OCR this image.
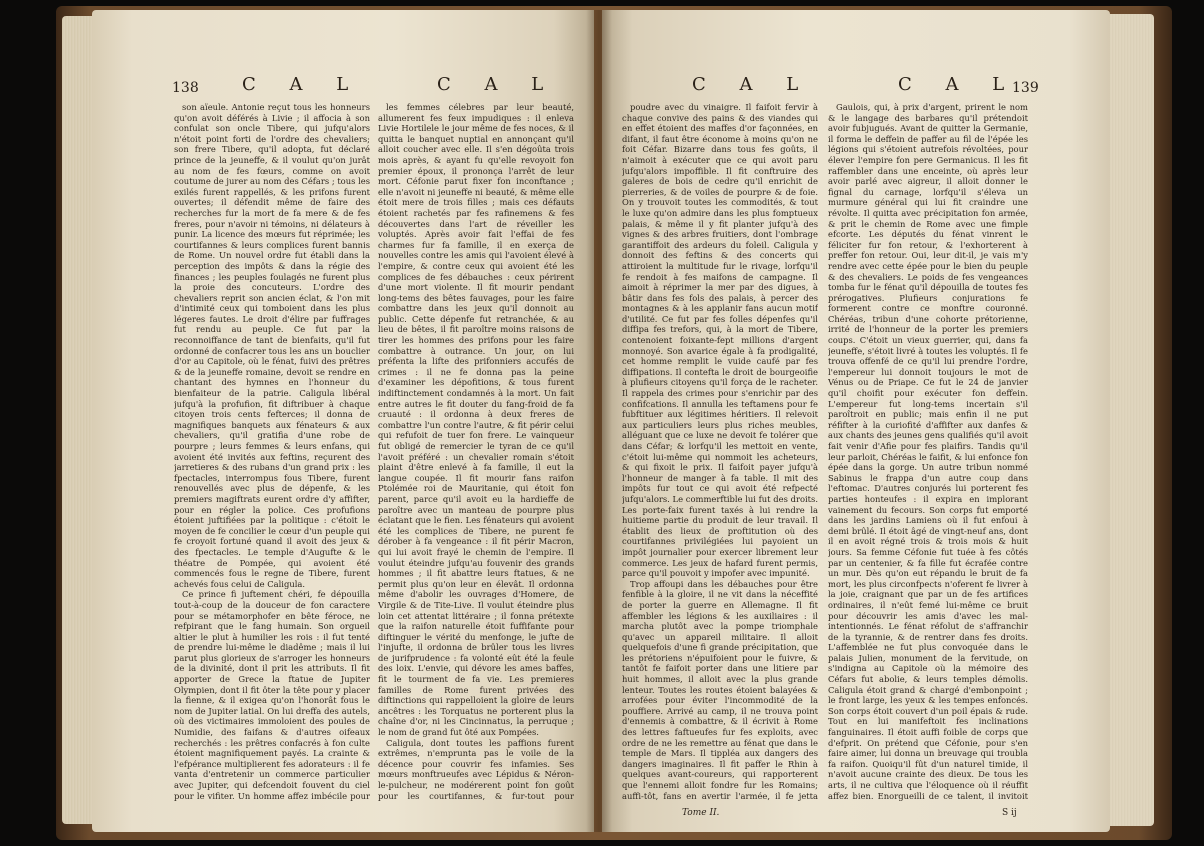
138 C A L	C A L

son aïeule. Antonie reçut tous les honneurs qu'on avoit déférés à Livie ; il affocia à son confulat son oncle Tibere, qui jufqu'alors n'étoit point forti de l'ordre des chevaliers; son frere Tibere, qu'il adopta, fut déclaré prince de la jeuneffe, & il voulut qu'on jurât au nom de fes fœurs, comme on avoit coutume de jurer au nom des Céfars ; tous les exilés furent rappellés, & les prifons furent ouvertes; il défendit même de faire des recherches fur la mort de fa mere & de fes freres, pour n'avoir ni témoins, ni délateurs à punir. La licence des mœurs fut réprimée; les courtifannes & leurs complices furent bannis de Rome. Un nouvel ordre fut établi dans la perception des impôts & dans la régie des finances ; les peuples foulagés ne furent plus la proie des concuteurs. L'ordre des chevaliers reprit son ancien éclat, & l'on mit d'intimité ceux qui tomboient dans les plus légeres fautes. Le droit d'élire par fuffrages fut rendu au peuple. Ce fut par la reconnoiffance de tant de bienfaits, qu'il fut ordonné de confacrer tous les ans un bouclier d'or au Capitole, où le fénat, fuivi des prêtres & de la jeuneffe romaine, devoit se rendre en chantant des hymnes en l'honneur du bienfaiteur de la patrie. Caligula libéral jufqu'à la profufion, fit diftribuer à chaque citoyen trois cents fefterces; il donna de magnifiques banquets aux fénateurs & aux chevaliers, qu'il gratifia d'une robe de pourpre ; leurs femmes & leurs enfans, qui avoient été invités aux feftins, reçurent des jarretieres & des rubans d'un grand prix : les fpectacles, interrompus fous Tibere, furent renouvellés avec plus de dépenfe, & les premiers magiftrats eurent ordre d'y affifter, pour en régler la police. Ces profufions étoient juftifiées par la politique : c'étoit le moyen de fe concilier le cœur d'un peuple qui fe croyoit fortuné quand il avoit des jeux & des fpectacles. Le temple d'Augufte & le théatre de Pompée, qui avoient été commencés fous le regne de Tibere, furent achevés fous celui de Caligula.

Ce prince fi juftement chéri, fe dépouilla tout-à-coup de la douceur de fon caractere pour se métamorphofer en bête féroce, ne refpirant que le fang humain. Son orgueil altier le plut à humilier les rois : il fut tenté de prendre lui-même le diadême ; mais il lui parut plus glorieux de s'arroger les honneurs de la divinité, dont il prit les attributs. Il fit apporter de Grece la ftatue de Jupiter Olympien, dont il fit ôter la tête pour y placer la fienne, & il exigea qu'on l'honorât fous le nom de Jupiter latial. On lui dreffa des autels, où des victimaires immoloient des poules de Numidie, des faifans & d'autres oifeaux recherchés : les prêtres confacrés à fon culte étoient magnifiquement payés. La crainte & l'efpérance multiplierent fes adorateurs : il fe vanta d'entretenir un commerce particulier avec Jupiter, qui defcendoit fouvent du ciel pour le vifiter. Un homme affez imbécile pour

les femmes célebres par leur beauté, allumerent fes feux impudiques : il enleva Livie Hortilele le jour même de fes noces, & il quitta le banquet nuptial en annonçant qu'il alloit coucher avec elle. Il s'en dégoûta trois mois après, & ayant fu qu'elle revoyoit fon premier époux, il prononça l'arrêt de leur mort. Céfonie parut fixer fon inconftance ; elle n'avoit ni jeuneffe ni beauté, & même elle étoit mere de trois filles ; mais ces défauts étoient rachetés par fes rafinemens & fes découvertes dans l'art de réveiller les voluptés. Après avoir fait l'effai de fes charmes fur fa famille, il en exerça de nouvelles contre les amis qui l'avoient élevé à l'empire, & contre ceux qui avoient été les complices de fes débauches : ceux périrent d'une mort violente. Il fit mourir pendant long-tems des bêtes fauvages, pour les faire combattre dans les jeux qu'il donnoit au public. Cette dépenfe fut retranchée, & au lieu de bêtes, il fit paroître moins raisons de tirer les hommes des prifons pour les faire combattre à outrance. Un jour, on lui préfenta la lifte des prifonniers accufés de crimes : il ne fe donna pas la peine d'examiner les dépofitions, & tous furent indiftinctement condamnés à la mort. Un fait entre autres le fit douter du fang-froid de fa cruauté : il ordonna à deux freres de combattre l'un contre l'autre, & fit périr celui qui refufoit de tuer fon frere. Le vainqueur fut obligé de remercier le tyran de ce qu'il l'avoit préféré : un chevalier romain s'étoit plaint d'être enlevé à fa famille, il eut la langue coupée. Il fit mourir fans raifon Ptolémée roi de Mauritanie, qui étoit fon parent, parce qu'il avoit eu la hardieffe de paroître avec un manteau de pourpre plus éclatant que le fien. Les fénateurs qui avoient été les complices de Tibere, ne purent fe dérober à fa vengeance : il fit périr Macron, qui lui avoit frayé le chemin de l'empire. Il voulut éteindre jufqu'au fouvenir des grands hommes ; il fit abattre leurs ftatues, & ne permit plus qu'on leur en élevât. Il ordonna même d'abolir les ouvrages d'Homere, de Virgile & de Tite-Live. Il voulut éteindre plus loin cet attentat littéraire ; il fonna prétexte que la raifon naturelle étoit fuffifante pour diftinguer le vérité du menfonge, le jufte de l'injufte, il ordonna de brûler tous les livres de jurifprudence : fa volonté eût été la feule des loix. L'envie, qui dévore les ames baffes, fit le tourment de fa vie. Les premieres familles de Rome furent privées des diftinctions qui rappelloient la gloire de leurs ancêtres : les Torquatus ne porterent plus la chaîne d'or, ni les Cincinnatus, la perruque ; le nom de grand fut ôté aux Pompées.

Caligula, dont toutes les paffions furent extrêmes, n'emprunta pas le voile de la décence pour couvrir fes infamies. Ses mœurs monftrueufes avec Lépidus & Néron-le-pulcheur, ne modérerent point fon goût pour les courtifannes, & fur-tout pour

C A L	C A L
139

poudre avec du vinaigre. Il faifoit fervir à chaque convive des pains & des viandes qui en effet étoient des maffes d'or façonnées, en difant, il faut être économe à moins qu'on ne foit Céfar. Bizarre dans tous fes goûts, il n'aimoit à exécuter que ce qui avoit paru jufqu'alors impoffible. Il fit conftruire des galeres de bois de cedre qu'il enrichit de pierreries, & de voiles de pourpre & de foie. On y trouvoit toutes les commodités, & tout le luxe qu'on admire dans les plus fomptueux palais, & même il y fit planter jufqu'à des vignes & des arbres fruitiers, dont l'ombrage garantiffoit des ardeurs du foleil. Caligula y donnoit des feftins & des concerts qui attiroient la multitude fur le rivage, lorfqu'il fe rendoit à fes maifons de campagne. Il aimoit à réprimer la mer par des digues, à bâtir dans fes fols des palais, à percer des montagnes & à les applanir fans aucun motif d'utilité. Ce fut par fes folles dépenfes qu'il diffipa fes trefors, qui, à la mort de Tibere, contenoient foixante-fept millions d'argent monnoyé. Son avarice égale à fa prodigalité, cet homme remplit le vuide caufé par fes diffipations. Il contefta le droit de bourgeoifie à plufieurs citoyens qu'il força de le racheter. Il rappela des crimes pour s'enrichir par des confifcations. Il annulla les teftamens pour fe fubftituer aux légitimes héritiers. Il relevoit aux particuliers leurs plus riches meubles, alléguant que ce luxe ne devoit fe tolérer que dans Céfar; & lorfqu'il les mettoit en vente, c'étoit lui-même qui nommoit les acheteurs, & qui fixoit le prix. Il faifoit payer jufqu'à l'honneur de manger à fa table. Il mit des impôts fur tout ce qui avoit été refpecté jufqu'alors. Le commerftible lui fut des droits. Les porte-faix furent taxés à lui rendre la huitieme partie du produit de leur travail. Il établit des lieux de proftitution où des courtifannes privilégiées lui payoient un impôt journalier pour exercer librement leur commerce. Les jeux de hafard furent permis, parce qu'il pouvoit y impofer avec impunité.

Trop affoupi dans les débauches pour être fenfible à la gloire, il ne vit dans la néceffité de porter la guerre en Allemagne. Il fit affembler les légions & les auxiliaires : il marcha plutôt avec la pompe triomphale qu'avec un appareil militaire. Il alloit quelquefois d'une fi grande précipitation, que les prétoriens n'épuifoient pour le fuivre, & tantôt fe faifoit porter dans une litiere par huit hommes, il alloit avec la plus grande lenteur. Toutes les routes étoient balayées & arrofées pour éviter l'incommodité de la pouffiere. Arrivé au camp, il ne trouva point d'ennemis à combattre, & il écrivit à Rome des lettres faftueufes fur fes exploits, avec ordre de ne les remettre au fénat que dans le temple de Mars. Il tippléa aux dangers des dangers imaginaires. Il fit paffer le Rhin à quelques avant-coureurs, qui rapporterent que l'ennemi alloit fondre fur les Romains; auffi-tôt, fans en avertir l'armée, il fe jetta

Gaulois, qui, à prix d'argent, prirent le nom & le langage des barbares qu'il prétendoit avoir fubjugués. Avant de quitter la Germanie, il forma le deffein de paffer au fil de l'épée les légions qui s'étoient autrefois révoltées, pour élever l'empire fon pere Germanicus. Il les fit raffembler dans une enceinte, où après leur avoir parlé avec aigreur, il alloit donner le fignal du carnage, lorfqu'il s'éleva un murmure général qui lui fit craindre une révolte. Il quitta avec précipitation fon armée, & prit le chemin de Rome avec une fimple efcorte. Les députés du fénat vinrent le féliciter fur fon retour, & l'exhorterent à preffer fon retour. Oui, leur dit-il, je vais m'y rendre avec cette épée pour le bien du peuple & des chevaliers. Le poids de fes vengeances tomba fur le fénat qu'il dépouilla de toutes fes prérogatives. Plufieurs conjurations fe formerent contre ce monftre couronné. Chéréas, tribun d'une cohorte prétorienne, irrité de l'honneur de la porter les premiers coups. C'étoit un vieux guerrier, qui, dans fa jeuneffe, s'étoit livré à toutes les voluptés. Il fe trouva offenfé de ce qu'il lui prendre l'ordre, l'empereur lui donnoit toujours le mot de Vénus ou de Priape. Ce fut le 24 de janvier qu'il choifit pour exécuter fon deffein. L'empereur fut long-tems incertain s'il paroîtroit en public; mais enfin il ne put réfifter à la curiofité d'affifter aux danfes & aux chants des jeunes gens qualifiés qu'il avoit fait venir d'Afie pour fes plaifirs. Tandis qu'il leur parloit, Chéréas le faifit, & lui enfonce fon épée dans la gorge. Un autre tribun nommé Sabinus le frappa d'un autre coup dans l'eftomac. D'autres conjurés lui porterent fes parties honteufes : il expira en implorant vainement du fecours. Son corps fut emporté dans les jardins Lamiens où il fut enfoui à demi brûlé. Il étoit âgé de vingt-neuf ans, dont il en avoit régné trois & trois mois & huit jours. Sa femme Céfonie fut tuée à fes côtés par un centenier, & fa fille fut écrafée contre un mur. Dès qu'on eut répandu le bruit de fa mort, les plus circonfpects n'oferent fe livrer à la joie, craignant que par un de fes artifices ordinaires, il n'eût femé lui-même ce bruit pour découvrir les amis d'avec les mal-intentionnés. Le fénat réfolut de s'affranchir de la tyrannie, & de rentrer dans fes droits. L'affemblée ne fut plus convoquée dans le palais Julien, monument de la fervitude, on s'indigna au Capitole où la mémoire des Céfars fut abolie, & leurs temples démolis. Caligula étoit grand & chargé d'embonpoint ; le front large, les yeux & les tempes enfoncés. Son corps étoit couvert d'un poil épais & rude. Tout en lui manifeftoit fes inclinations fanguinaires. Il étoit auffi foible de corps que d'efprit. On prétend que Céfonie, pour s'en faire aimer, lui donna un breuvage qui troubla fa raifon. Quoiqu'il fût d'un naturel timide, il n'avoit aucune crainte des dieux. De tous les arts, il ne cultiva que l'éloquence où il réuffit affez bien. Enorgueilli de ce talent, il invitoit

Tome II.	S ij
